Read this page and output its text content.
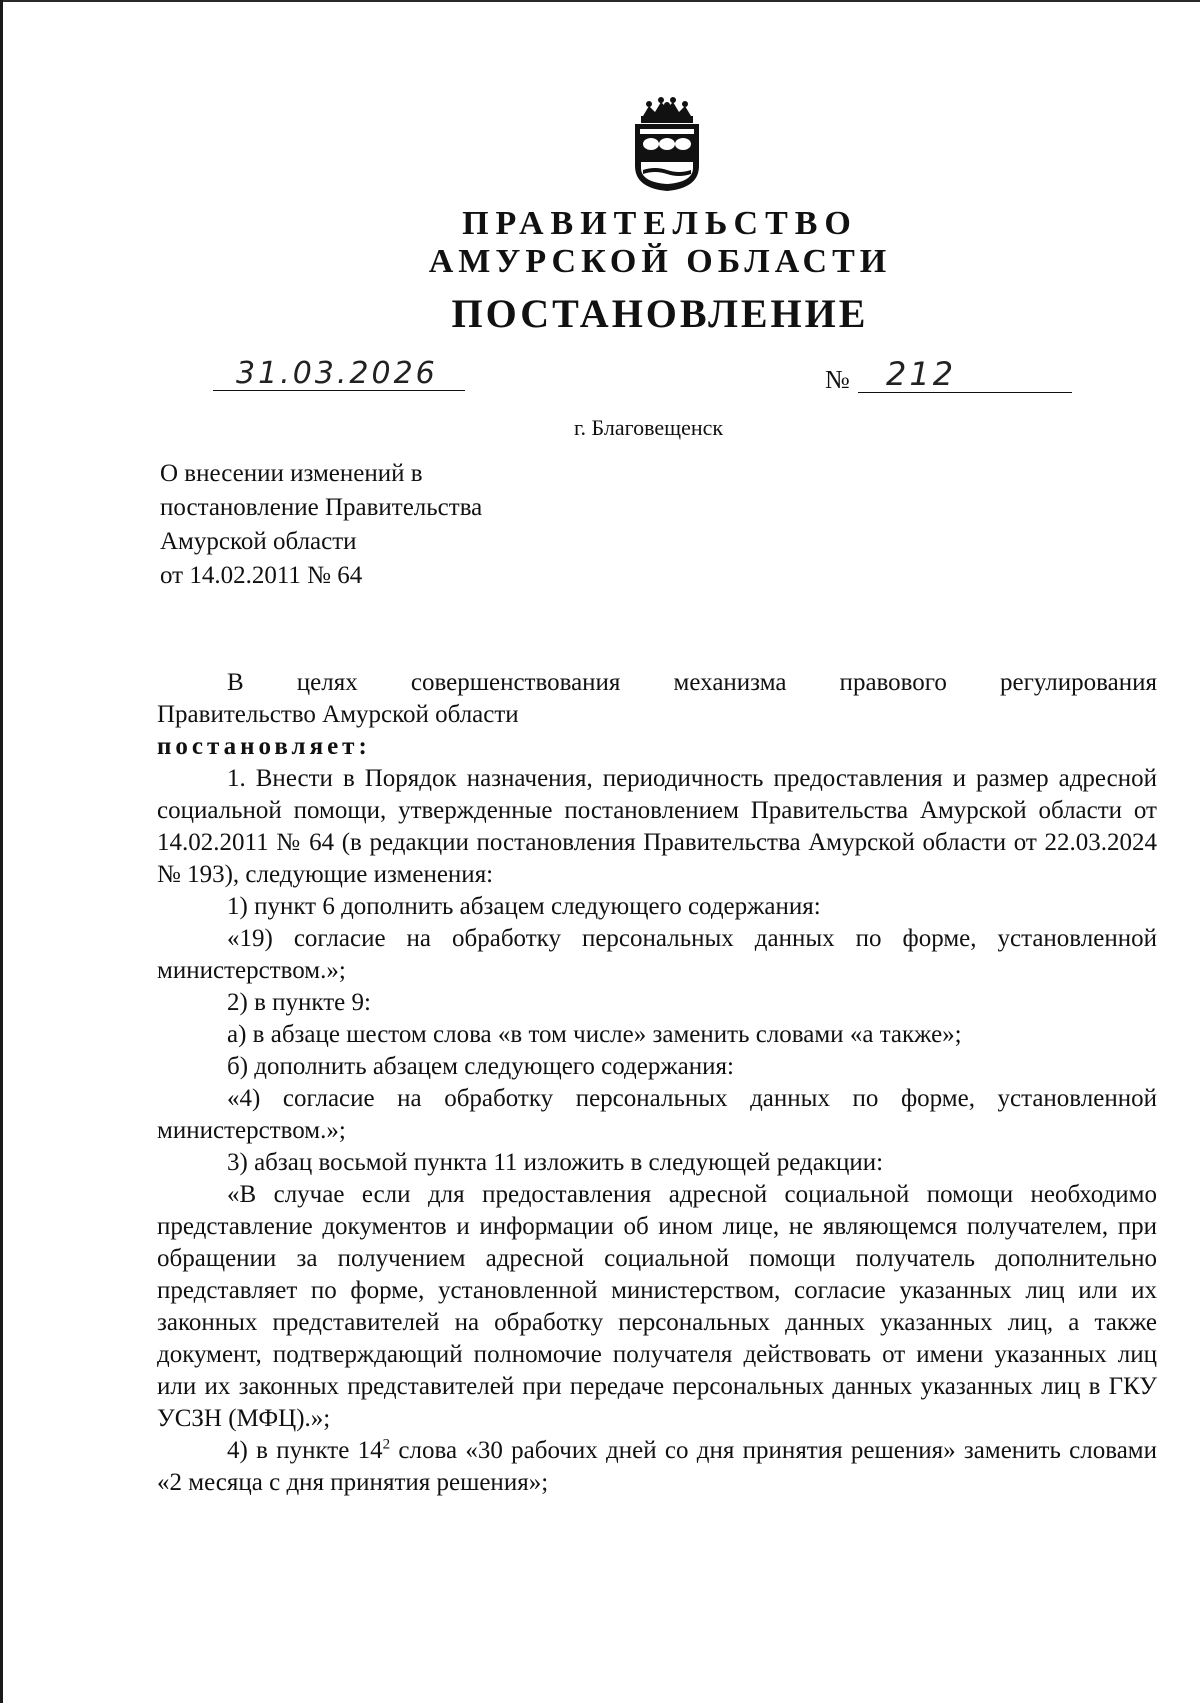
ПРАВИТЕЛЬСТВО
АМУРСКОЙ ОБЛАСТИ
ПОСТАНОВЛЕНИЕ
31.03.2026	№ 212
г. Благовещенск
О внесении изменений в
постановление Правительства
Амурской области
от 14.02.2011 № 64

В целях совершенствования механизма правового регулирования

Правительство Амурской области

постановляет:

1. Внести в Порядок назначения, периодичность предоставления и размер адресной социальной помощи, утвержденные постановлением Правительства Амурской области от 14.02.2011 № 64 (в редакции постановления Правительства Амурской области от 22.03.2024 № 193), следующие изменения:

1) пункт 6 дополнить абзацем следующего содержания:

«19) согласие на обработку персональных данных по форме, установленной министерством.»;

2) в пункте 9:

а) в абзаце шестом слова «в том числе» заменить словами «а также»;

б) дополнить абзацем следующего содержания:

«4) согласие на обработку персональных данных по форме, установленной министерством.»;

3) абзац восьмой пункта 11 изложить в следующей редакции:

«В случае если для предоставления адресной социальной помощи необходимо представление документов и информации об ином лице, не являющемся получателем, при обращении за получением адресной социальной помощи получатель дополнительно представляет по форме, установленной министерством, согласие указанных лиц или их законных представителей на обработку персональных данных указанных лиц, а также документ, подтверждающий полномочие получателя действовать от имени указанных лиц или их законных представителей при передаче персональных данных указанных лиц в ГКУ УСЗН (МФЦ).»;

4) в пункте $14^2$ слова «30 рабочих дней со дня принятия решения» заменить словами «2 месяца с дня принятия решения»;
